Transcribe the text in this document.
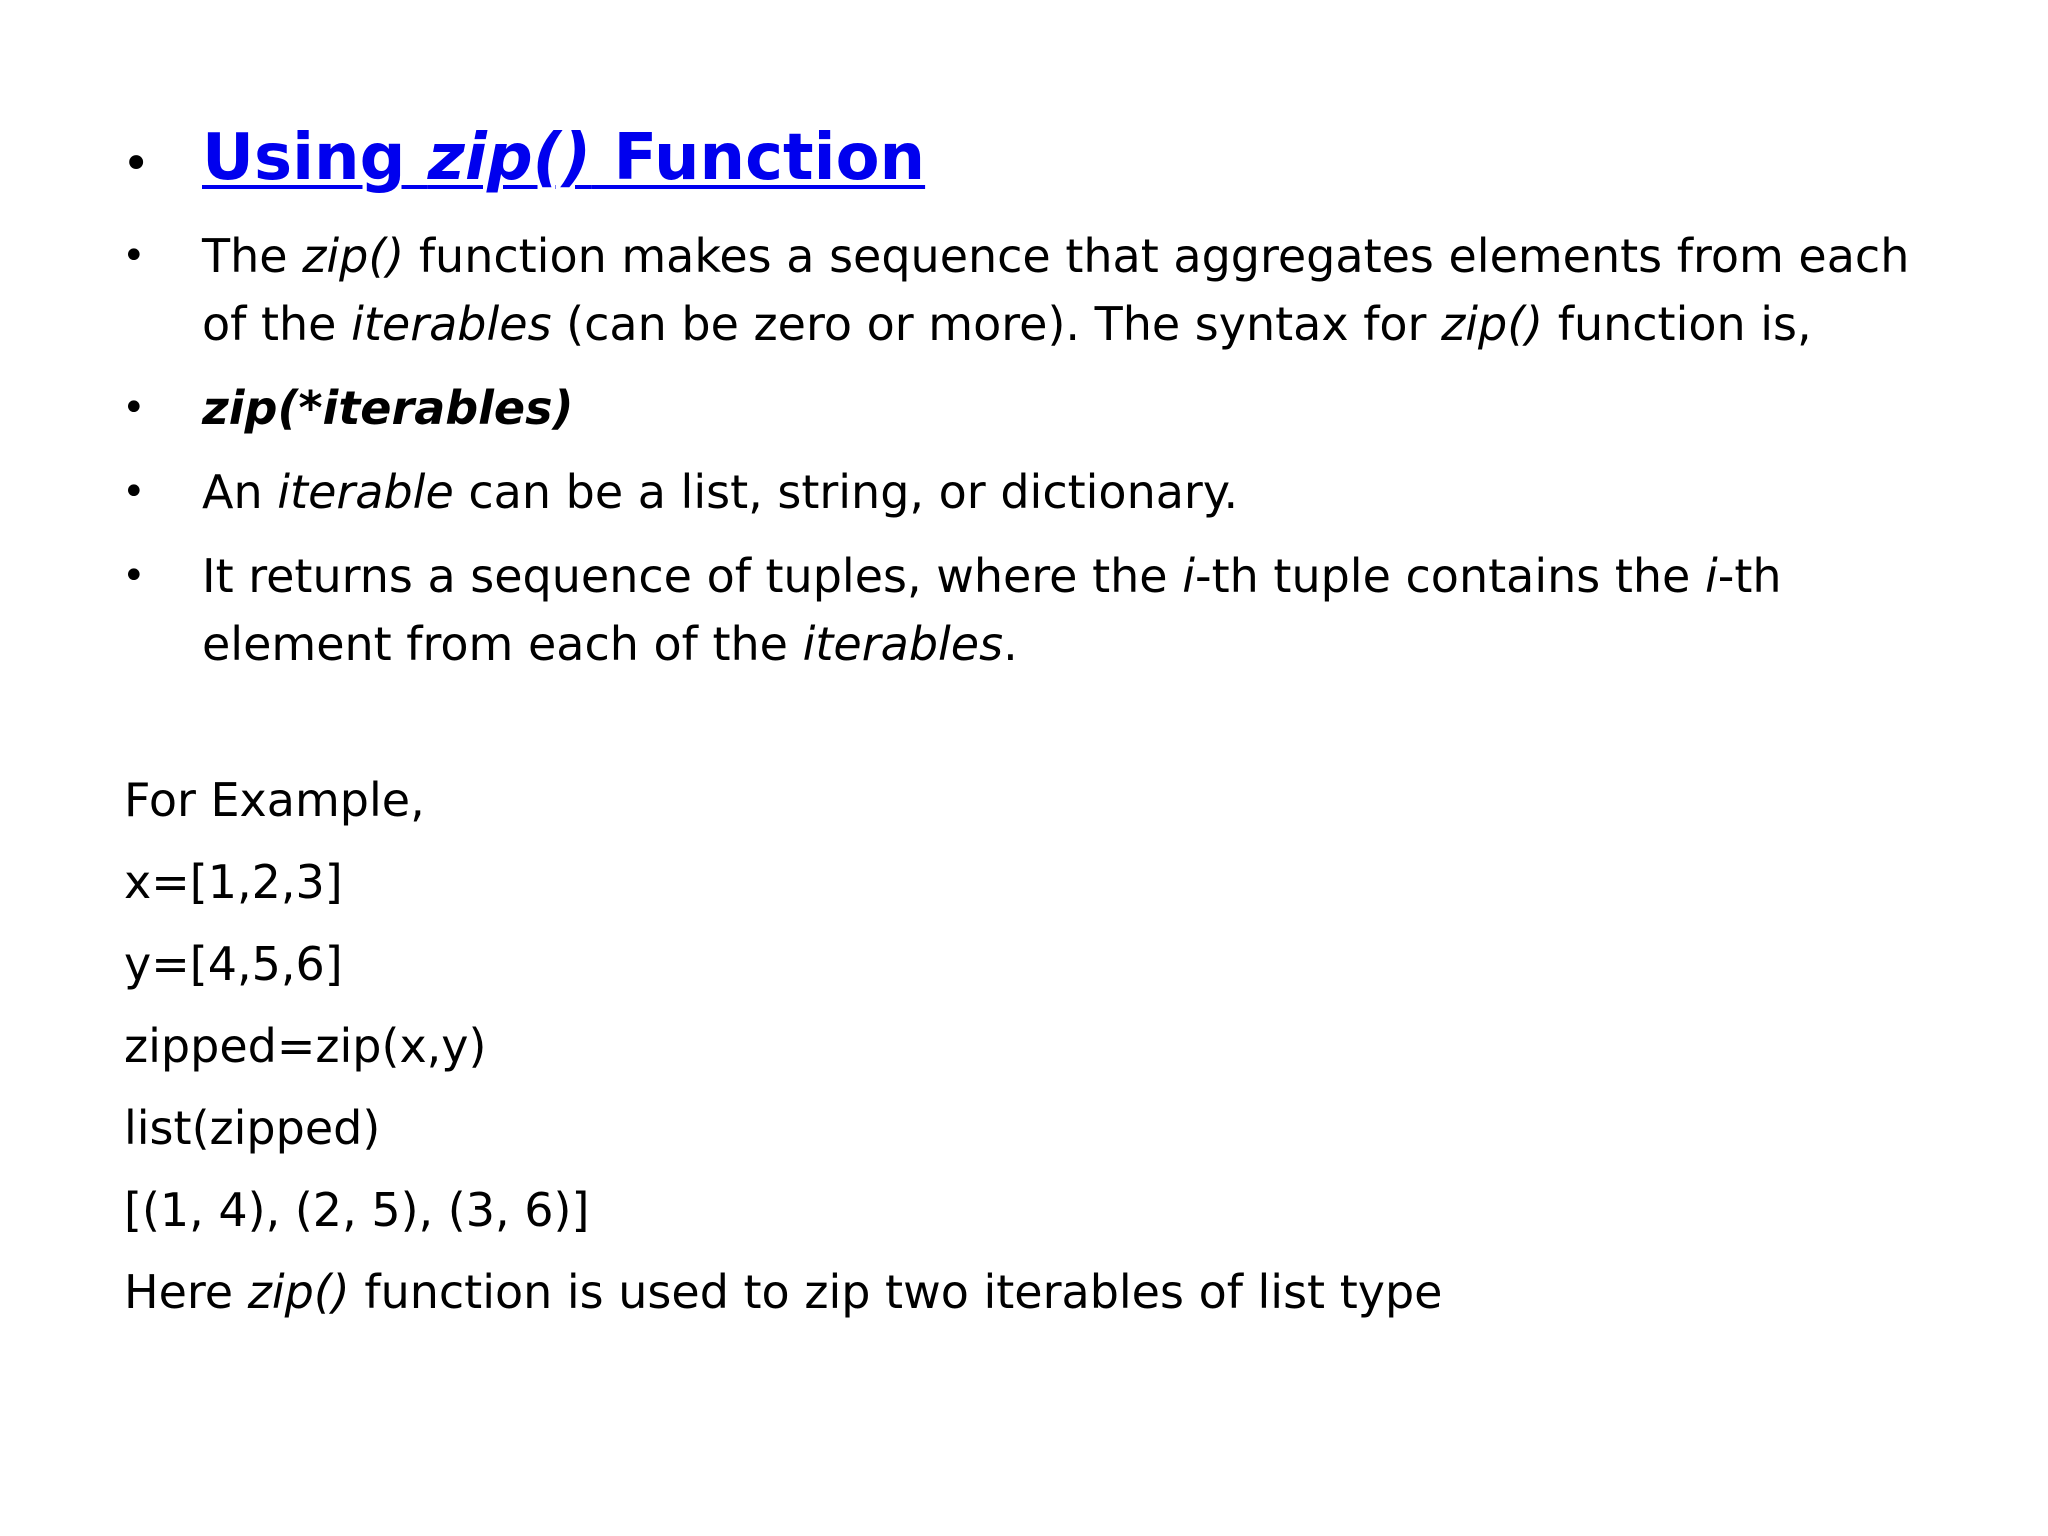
• Using zip() Function
• The zip() function makes a sequence that aggregates elements from each of the iterables (can be zero or more). The syntax for zip() function is,
• zip(*iterables)
• An iterable can be a list, string, or dictionary.
• It returns a sequence of tuples, where the i-th tuple contains the i-th element from each of the iterables.
For Example,
x=[1,2,3]
y=[4,5,6]
zipped=zip(x,y)
list(zipped)
[(1, 4), (2, 5), (3, 6)]
Here zip() function is used to zip two iterables of list type
